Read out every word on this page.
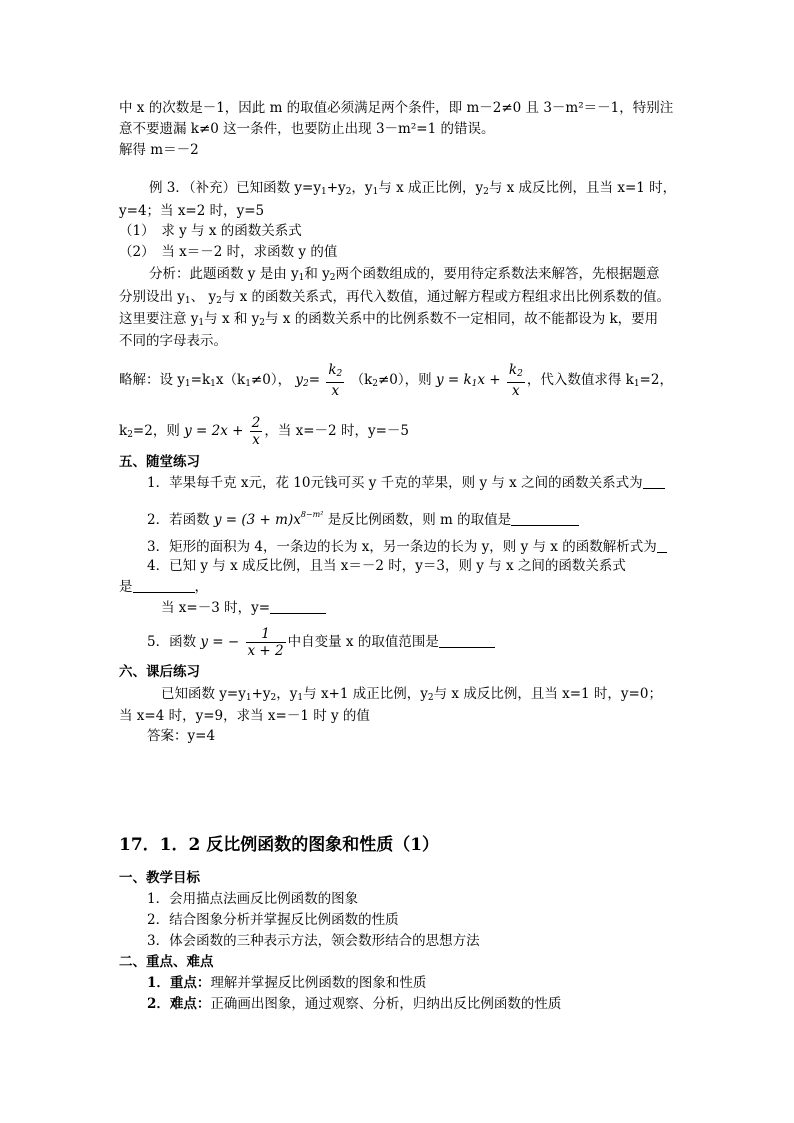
中 x 的次数是－1，因此 m 的取值必须满足两个条件，即 m－2≠0 且 3－m²＝－1，特别注
意不要遗漏 k≠0 这一条件，也要防止出现 3－m²=1 的错误。
解得 m＝－2
例 3．（补充）已知函数 $y=y_1+y_2$，$y_1$与 x 成正比例，$y_2$与 x 成反比例，且当 x=1 时，
y=4；当 x=2 时，y=5
（1）　求 y 与 x 的函数关系式
（2）　当 x＝－2 时，求函数 y 的值
分析：此题函数 y 是由 $y_1$和 $y_2$两个函数组成的，要用待定系数法来解答，先根据题意
分别设出 $y_1$、 $y_2$与 x 的函数关系式，再代入数值，通过解方程或方程组求出比例系数的值。
这里要注意 $y_1$与 x 和 $y_2$与 x 的函数关系中的比例系数不一定相同，故不能都设为 k，要用
不同的字母表示。
略解：设 $y_1=k_1x(k_1\ne 0)$， $y_2= \frac{k_2}{x} (k_2\ne 0)$，则 $y = k_1x + \frac{k_2}{x}$ ，代入数值求得 $k_1=2$，
$k_2=2$，则 $y = 2x + \frac{2}{x}$ ，当 x=－2 时，y=－5
五、随堂练习
1．苹果每千克 x元，花 10元钱可买 y 千克的苹果，则 y 与 x 之间的函数关系式为
2．若函数 $y = (3 + m)x^{8-m^2}$ 是反比例函数，则 m 的取值是
3．矩形的面积为 4，一条边的长为 x，另一条边的长为 y，则 y 与 x 的函数解析式为
4．已知 y 与 x 成反比例，且当 x＝－2 时，y＝3，则 y 与 x 之间的函数关系式
是	，
当 x=－3 时，y=
5．函数 y = − $\frac{1}{x + 2}$ 中自变量 x 的取值范围是
六、课后练习
已知函数 $y=y_1+y_2$，$y_1$与 x+1 成正比例，$y_2$与 x 成反比例，且当 x=1 时，y=0；
当 x=4 时，y=9，求当 x=－1 时 y 的值
答案：y=4
17．1．2 反比例函数的图象和性质（1）
一、教学目标
1．会用描点法画反比例函数的图象
2．结合图象分析并掌握反比例函数的性质
3．体会函数的三种表示方法，领会数形结合的思想方法
二、重点、难点
1．重点：理解并掌握反比例函数的图象和性质
2．难点：正确画出图象，通过观察、分析，归纳出反比例函数的性质
